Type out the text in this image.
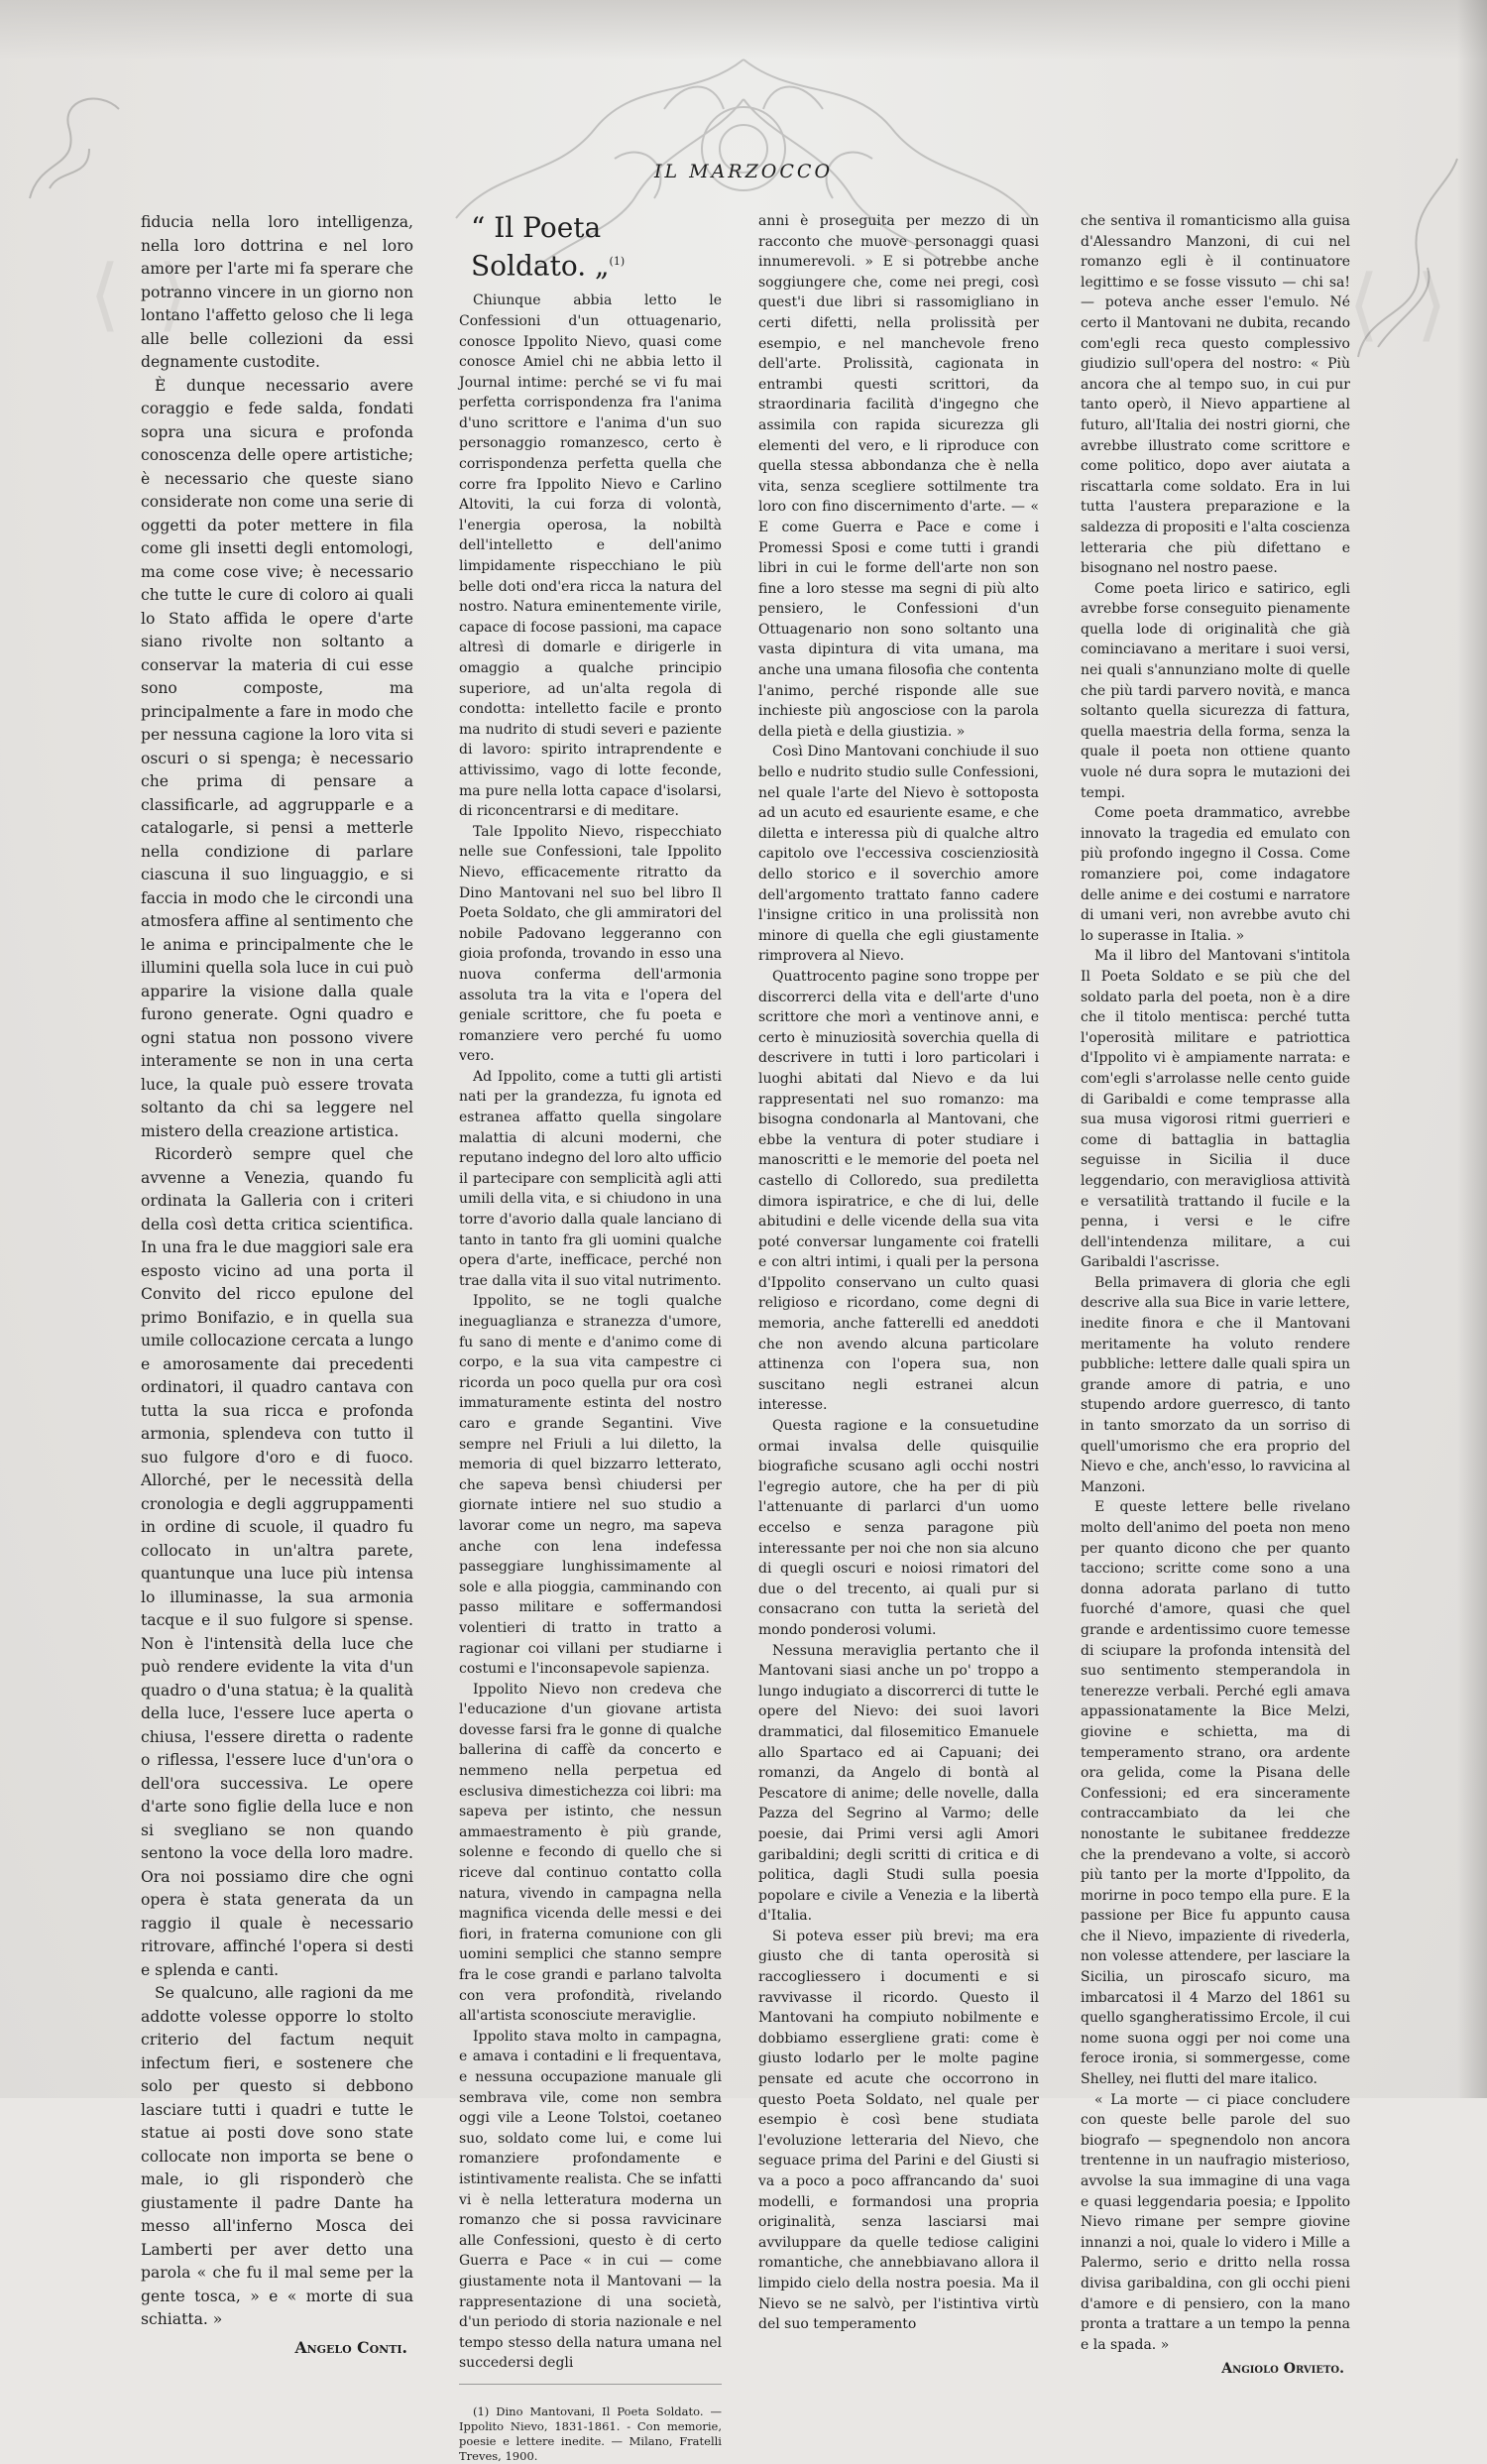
⟨ ⟩	⟨ ⟩
IL MARZOCCO

fiducia nella loro intelligenza, nella loro dottrina e nel loro amore per l'arte mi fa sperare che potranno vincere in un giorno non lontano l'affetto geloso che li lega alle belle collezioni da essi degnamente custodite.

È dunque necessario avere coraggio e fede salda, fondati sopra una sicura e profonda conoscenza delle opere artistiche; è necessario che queste siano considerate non come una serie di oggetti da poter mettere in fila come gli insetti degli entomologi, ma come cose vive; è necessario che tutte le cure di coloro ai quali lo Stato affida le opere d'arte siano rivolte non soltanto a conservar la materia di cui esse sono composte, ma principalmente a fare in modo che per nessuna cagione la loro vita si oscuri o si spenga; è necessario che prima di pensare a classificarle, ad aggrupparle e a catalogarle, si pensi a metterle nella condizione di parlare ciascuna il suo linguaggio, e si faccia in modo che le circondi una atmosfera affine al sentimento che le anima e principalmente che le illumini quella sola luce in cui può apparire la visione dalla quale furono generate. Ogni quadro e ogni statua non possono vivere interamente se non in una certa luce, la quale può essere trovata soltanto da chi sa leggere nel mistero della creazione artistica.

Ricorderò sempre quel che avvenne a Venezia, quando fu ordinata la Galleria con i criteri della così detta critica scientifica. In una fra le due maggiori sale era esposto vicino ad una porta il Convito del ricco epulone del primo Bonifazio, e in quella sua umile collocazione cercata a lungo e amorosamente dai precedenti ordinatori, il quadro cantava con tutta la sua ricca e profonda armonia, splendeva con tutto il suo fulgore d'oro e di fuoco. Allorché, per le necessità della cronologia e degli aggruppamenti in ordine di scuole, il quadro fu collocato in un'altra parete, quantunque una luce più intensa lo illuminasse, la sua armonia tacque e il suo fulgore si spense. Non è l'intensità della luce che può rendere evidente la vita d'un quadro o d'una statua; è la qualità della luce, l'essere luce aperta o chiusa, l'essere diretta o radente o riflessa, l'essere luce d'un'ora o dell'ora successiva. Le opere d'arte sono figlie della luce e non si svegliano se non quando sentono la voce della loro madre. Ora noi possiamo dire che ogni opera è stata generata da un raggio il quale è necessario ritrovare, affinché l'opera si desti e splenda e canti.

Se qualcuno, alle ragioni da me addotte volesse opporre lo stolto criterio del factum nequit infectum fieri, e sostenere che solo per questo si debbono lasciare tutti i quadri e tutte le statue ai posti dove sono state collocate non importa se bene o male, io gli risponderò che giustamente il padre Dante ha messo all'inferno Mosca dei Lamberti per aver detto una parola « che fu il mal seme per la gente tosca, » e « morte di sua schiatta. »

Angelo Conti.
“ Il Poeta Soldato. „$^{(1)}$

Chiunque abbia letto le Confessioni d'un ottuagenario, conosce Ippolito Nievo, quasi come conosce Amiel chi ne abbia letto il Journal intime: perché se vi fu mai perfetta corrispondenza fra l'anima d'uno scrittore e l'anima d'un suo personaggio romanzesco, certo è corrispondenza perfetta quella che corre fra Ippolito Nievo e Carlino Altoviti, la cui forza di volontà, l'energia operosa, la nobiltà dell'intelletto e dell'animo limpidamente rispecchiano le più belle doti ond'era ricca la natura del nostro. Natura eminentemente virile, capace di focose passioni, ma capace altresì di domarle e dirigerle in omaggio a qualche principio superiore, ad un'alta regola di condotta: intelletto facile e pronto ma nudrito di studi severi e paziente di lavoro: spirito intraprendente e attivissimo, vago di lotte feconde, ma pure nella lotta capace d'isolarsi, di riconcentrarsi e di meditare.

Tale Ippolito Nievo, rispecchiato nelle sue Confessioni, tale Ippolito Nievo, efficacemente ritratto da Dino Mantovani nel suo bel libro Il Poeta Soldato, che gli ammiratori del nobile Padovano leggeranno con gioia profonda, trovando in esso una nuova conferma dell'armonia assoluta tra la vita e l'opera del geniale scrittore, che fu poeta e romanziere vero perché fu uomo vero.

Ad Ippolito, come a tutti gli artisti nati per la grandezza, fu ignota ed estranea affatto quella singolare malattia di alcuni moderni, che reputano indegno del loro alto ufficio il partecipare con semplicità agli atti umili della vita, e si chiudono in una torre d'avorio dalla quale lanciano di tanto in tanto fra gli uomini qualche opera d'arte, inefficace, perché non trae dalla vita il suo vital nutrimento.

Ippolito, se ne togli qualche ineguaglianza e stranezza d'umore, fu sano di mente e d'animo come di corpo, e la sua vita campestre ci ricorda un poco quella pur ora così immaturamente estinta del nostro caro e grande Segantini. Vive sempre nel Friuli a lui diletto, la memoria di quel bizzarro letterato, che sapeva bensì chiudersi per giornate intiere nel suo studio a lavorar come un negro, ma sapeva anche con lena indefessa passeggiare lunghissimamente al sole e alla pioggia, camminando con passo militare e soffermandosi volentieri di tratto in tratto a ragionar coi villani per studiarne i costumi e l'inconsapevole sapienza.

Ippolito Nievo non credeva che l'educazione d'un giovane artista dovesse farsi fra le gonne di qualche ballerina di caffè da concerto e nemmeno nella perpetua ed esclusiva dimestichezza coi libri: ma sapeva per istinto, che nessun ammaestramento è più grande, solenne e fecondo di quello che si riceve dal continuo contatto colla natura, vivendo in campagna nella magnifica vicenda delle messi e dei fiori, in fraterna comunione con gli uomini semplici che stanno sempre fra le cose grandi e parlano talvolta con vera profondità, rivelando all'artista sconosciute meraviglie.

Ippolito stava molto in campagna, e amava i contadini e li frequentava, e nessuna occupazione manuale gli sembrava vile, come non sembra oggi vile a Leone Tolstoi, coetaneo suo, soldato come lui, e come lui romanziere profondamente e istintivamente realista. Che se infatti vi è nella letteratura moderna un romanzo che si possa ravvicinare alle Confessioni, questo è di certo Guerra e Pace « in cui — come giustamente nota il Mantovani — la rappresentazione di una società, d'un periodo di storia nazionale e nel tempo stesso della natura umana nel succedersi degli

(1) Dino Mantovani, Il Poeta Soldato. — Ippolito Nievo, 1831-1861. - Con memorie, poesie e lettere inedite. — Milano, Fratelli Treves, 1900.

anni è proseguita per mezzo di un racconto che muove personaggi quasi innumerevoli. » E si potrebbe anche soggiungere che, come nei pregi, così quest'i due libri si rassomigliano in certi difetti, nella prolissità per esempio, e nel manchevole freno dell'arte. Prolissità, cagionata in entrambi questi scrittori, da straordinaria facilità d'ingegno che assimila con rapida sicurezza gli elementi del vero, e li riproduce con quella stessa abbondanza che è nella vita, senza scegliere sottilmente tra loro con fino discernimento d'arte. — « E come Guerra e Pace e come i Promessi Sposi e come tutti i grandi libri in cui le forme dell'arte non son fine a loro stesse ma segni di più alto pensiero, le Confessioni d'un Ottuagenario non sono soltanto una vasta dipintura di vita umana, ma anche una umana filosofia che contenta l'animo, perché risponde alle sue inchieste più angosciose con la parola della pietà e della giustizia. »

Così Dino Mantovani conchiude il suo bello e nudrito studio sulle Confessioni, nel quale l'arte del Nievo è sottoposta ad un acuto ed esauriente esame, e che diletta e interessa più di qualche altro capitolo ove l'eccessiva coscienziosità dello storico e il soverchio amore dell'argomento trattato fanno cadere l'insigne critico in una prolissità non minore di quella che egli giustamente rimprovera al Nievo.

Quattrocento pagine sono troppe per discorrerci della vita e dell'arte d'uno scrittore che morì a ventinove anni, e certo è minuziosità soverchia quella di descrivere in tutti i loro particolari i luoghi abitati dal Nievo e da lui rappresentati nel suo romanzo: ma bisogna condonarla al Mantovani, che ebbe la ventura di poter studiare i manoscritti e le memorie del poeta nel castello di Colloredo, sua prediletta dimora ispiratrice, e che di lui, delle abitudini e delle vicende della sua vita poté conversar lungamente coi fratelli e con altri intimi, i quali per la persona d'Ippolito conservano un culto quasi religioso e ricordano, come degni di memoria, anche fatterelli ed aneddoti che non avendo alcuna particolare attinenza con l'opera sua, non suscitano negli estranei alcun interesse.

Questa ragione e la consuetudine ormai invalsa delle quisquilie biografiche scusano agli occhi nostri l'egregio autore, che ha per di più l'attenuante di parlarci d'un uomo eccelso e senza paragone più interessante per noi che non sia alcuno di quegli oscuri e noiosi rimatori del due o del trecento, ai quali pur si consacrano con tutta la serietà del mondo ponderosi volumi.

Nessuna meraviglia pertanto che il Mantovani siasi anche un po' troppo a lungo indugiato a discorrerci di tutte le opere del Nievo: dei suoi lavori drammatici, dal filosemitico Emanuele allo Spartaco ed ai Capuani; dei romanzi, da Angelo di bontà al Pescatore di anime; delle novelle, dalla Pazza del Segrino al Varmo; delle poesie, dai Primi versi agli Amori garibaldini; degli scritti di critica e di politica, dagli Studi sulla poesia popolare e civile a Venezia e la libertà d'Italia.

Si poteva esser più brevi; ma era giusto che di tanta operosità si raccogliessero i documenti e si ravvivasse il ricordo. Questo il Mantovani ha compiuto nobilmente e dobbiamo essergliene grati: come è giusto lodarlo per le molte pagine pensate ed acute che occorrono in questo Poeta Soldato, nel quale per esempio è così bene studiata l'evoluzione letteraria del Nievo, che seguace prima del Parini e del Giusti si va a poco a poco affrancando da' suoi modelli, e formandosi una propria originalità, senza lasciarsi mai avviluppare da quelle tediose caligini romantiche, che annebbiavano allora il limpido cielo della nostra poesia. Ma il Nievo se ne salvò, per l'istintiva virtù del suo temperamento

che sentiva il romanticismo alla guisa d'Alessandro Manzoni, di cui nel romanzo egli è il continuatore legittimo e se fosse vissuto — chi sa! — poteva anche esser l'emulo. Né certo il Mantovani ne dubita, recando com'egli reca questo complessivo giudizio sull'opera del nostro: « Più ancora che al tempo suo, in cui pur tanto operò, il Nievo appartiene al futuro, all'Italia dei nostri giorni, che avrebbe illustrato come scrittore e come politico, dopo aver aiutata a riscattarla come soldato. Era in lui tutta l'austera preparazione e la saldezza di propositi e l'alta coscienza letteraria che più difettano e bisognano nel nostro paese.

Come poeta lirico e satirico, egli avrebbe forse conseguito pienamente quella lode di originalità che già cominciavano a meritare i suoi versi, nei quali s'annunziano molte di quelle che più tardi parvero novità, e manca soltanto quella sicurezza di fattura, quella maestria della forma, senza la quale il poeta non ottiene quanto vuole né dura sopra le mutazioni dei tempi.

Come poeta drammatico, avrebbe innovato la tragedia ed emulato con più profondo ingegno il Cossa. Come romanziere poi, come indagatore delle anime e dei costumi e narratore di umani veri, non avrebbe avuto chi lo superasse in Italia. »

Ma il libro del Mantovani s'intitola Il Poeta Soldato e se più che del soldato parla del poeta, non è a dire che il titolo mentisca: perché tutta l'operosità militare e patriottica d'Ippolito vi è ampiamente narrata: e com'egli s'arrolasse nelle cento guide di Garibaldi e come temprasse alla sua musa vigorosi ritmi guerrieri e come di battaglia in battaglia seguisse in Sicilia il duce leggendario, con meravigliosa attività e versatilità trattando il fucile e la penna, i versi e le cifre dell'intendenza militare, a cui Garibaldi l'ascrisse.

Bella primavera di gloria che egli descrive alla sua Bice in varie lettere, inedite finora e che il Mantovani meritamente ha voluto rendere pubbliche: lettere dalle quali spira un grande amore di patria, e uno stupendo ardore guerresco, di tanto in tanto smorzato da un sorriso di quell'umorismo che era proprio del Nievo e che, anch'esso, lo ravvicina al Manzoni.

E queste lettere belle rivelano molto dell'animo del poeta non meno per quanto dicono che per quanto tacciono; scritte come sono a una donna adorata parlano di tutto fuorché d'amore, quasi che quel grande e ardentissimo cuore temesse di sciupare la profonda intensità del suo sentimento stemperandola in tenerezze verbali. Perché egli amava appassionatamente la Bice Melzi, giovine e schietta, ma di temperamento strano, ora ardente ora gelida, come la Pisana delle Confessioni; ed era sinceramente contraccambiato da lei che nonostante le subitanee freddezze che la prendevano a volte, si accorò più tanto per la morte d'Ippolito, da morirne in poco tempo ella pure. E la passione per Bice fu appunto causa che il Nievo, impaziente di rivederla, non volesse attendere, per lasciare la Sicilia, un piroscafo sicuro, ma imbarcatosi il 4 Marzo del 1861 su quello sgangheratissimo Ercole, il cui nome suona oggi per noi come una feroce ironia, si sommergesse, come Shelley, nei flutti del mare italico.

« La morte — ci piace concludere con queste belle parole del suo biografo — spegnendolo non ancora trentenne in un naufragio misterioso, avvolse la sua immagine di una vaga e quasi leggendaria poesia; e Ippolito Nievo rimane per sempre giovine innanzi a noi, quale lo videro i Mille a Palermo, serio e dritto nella rossa divisa garibaldina, con gli occhi pieni d'amore e di pensiero, con la mano pronta a trattare a un tempo la penna e la spada. »

Angiolo Orvieto.
